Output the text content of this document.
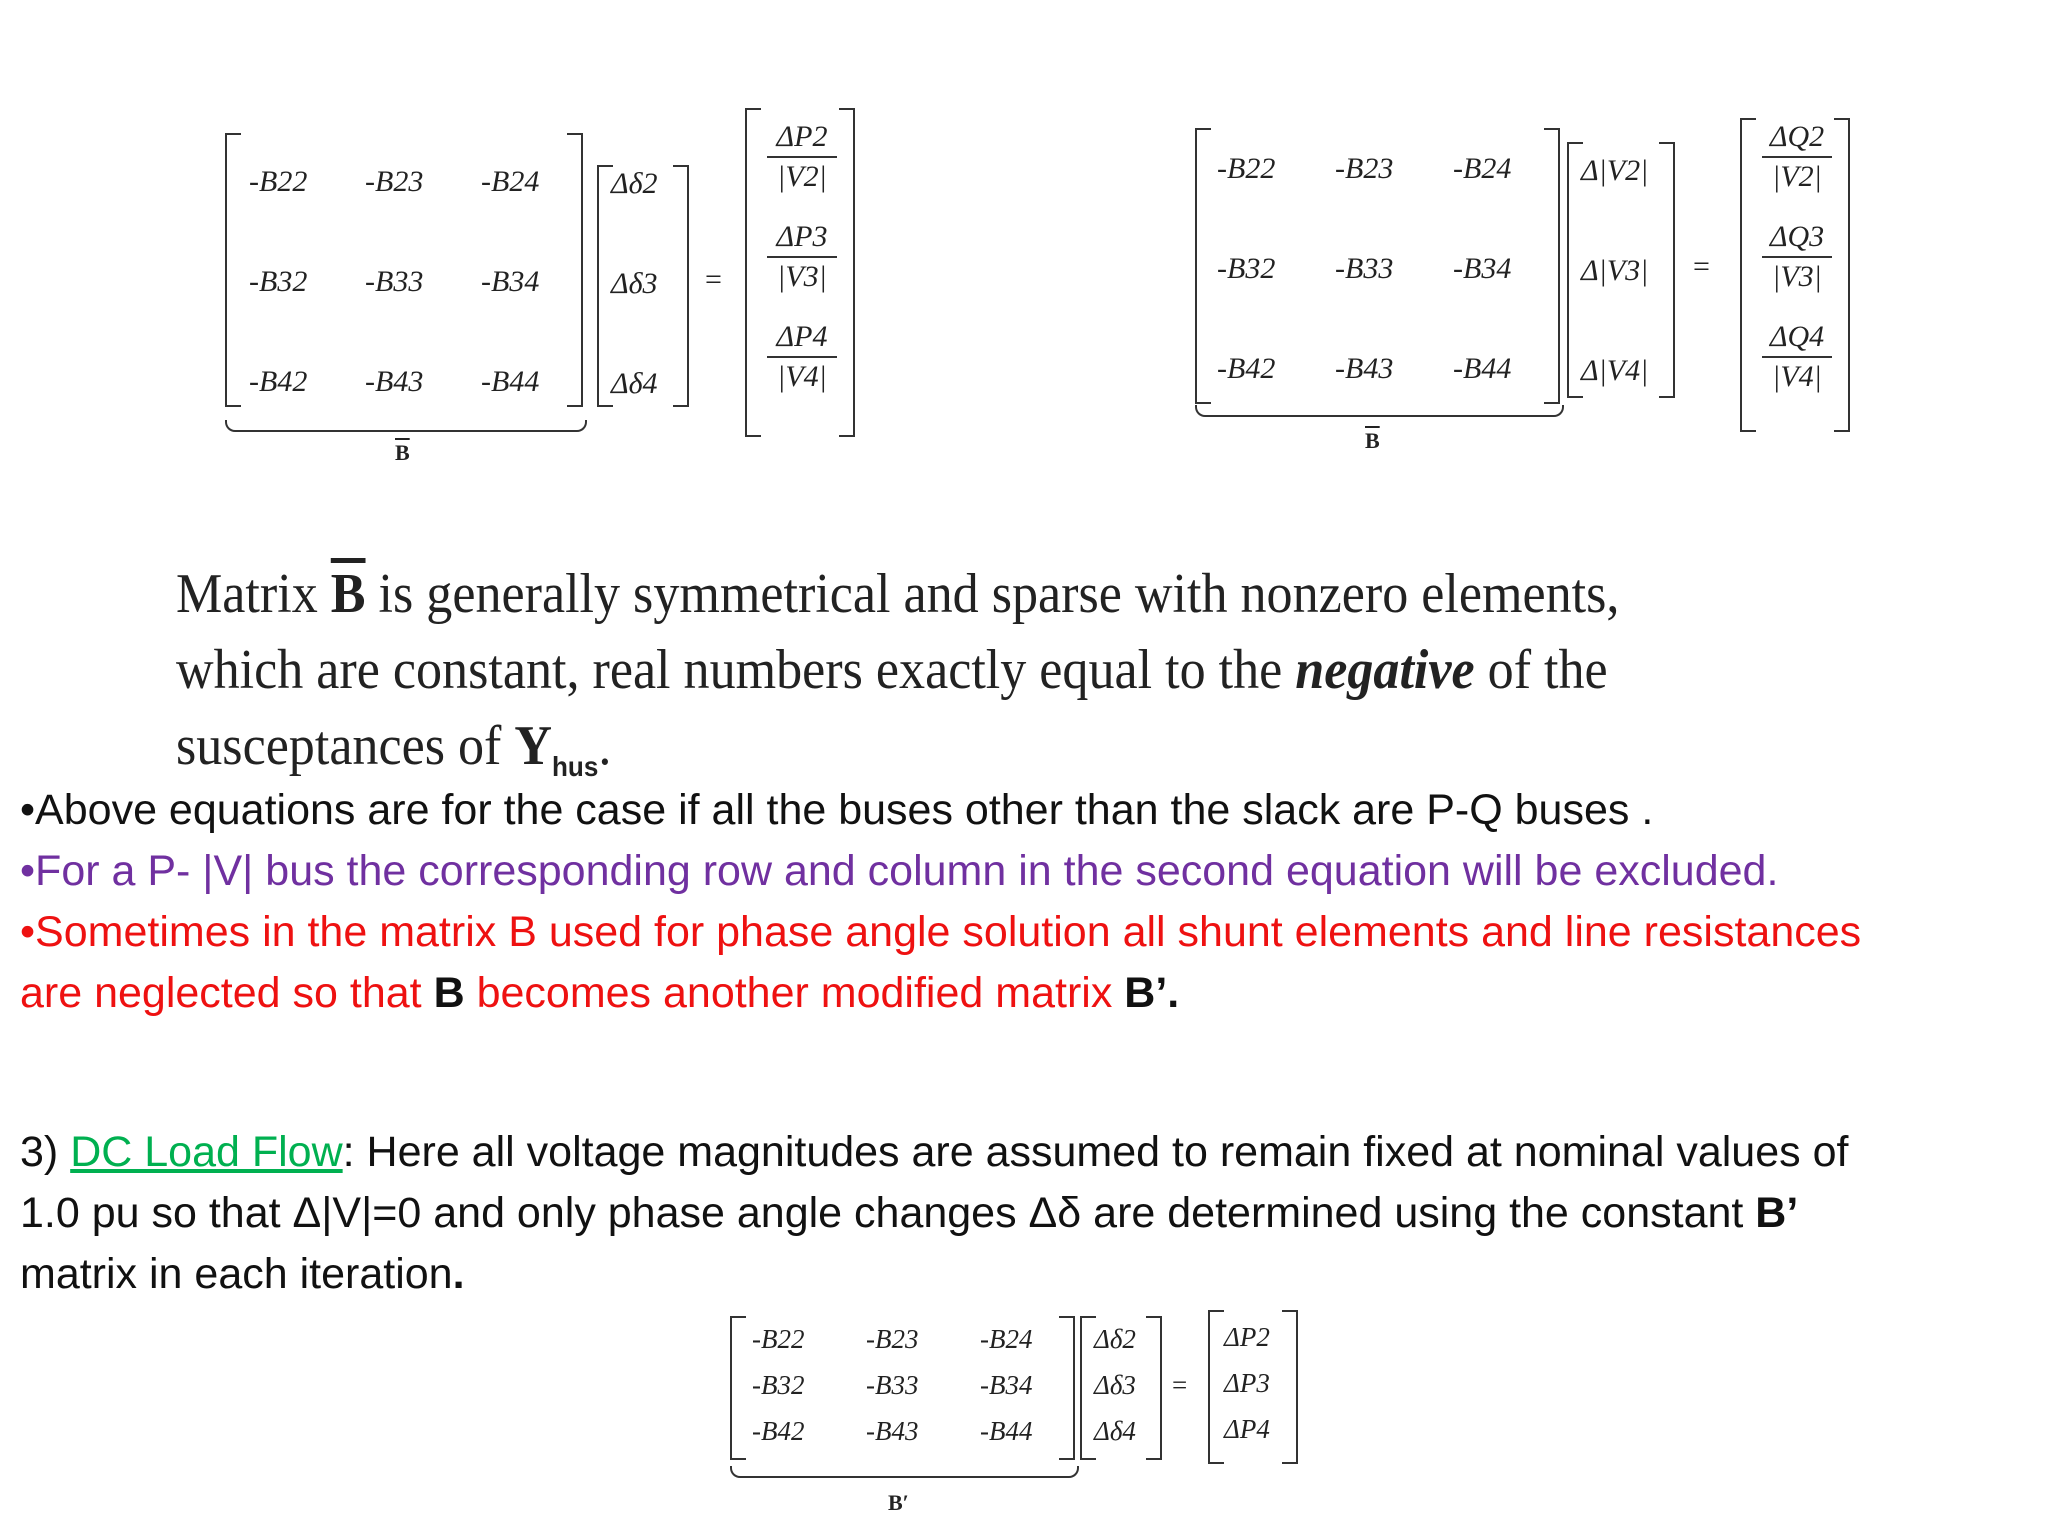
-B22 -B23 -B24
-B32 -B33 -B34
-B42 -B43 -B44
Δδ2
Δδ3
Δδ4
=
ΔP2
|V2|
ΔP3
|V3|
ΔP4
|V4|
$\overline{B}$
-B22 -B23 -B24
-B32 -B33 -B34
-B42 -B43 -B44
Δ|V2|
Δ|V3|
Δ|V4|
=
ΔQ2
|V2|
ΔQ3
|V3|
ΔQ4
|V4|
$\overline{B}$
Matrix $\overline{B}$ is generally symmetrical and sparse with nonzero elements, which are constant, real numbers exactly equal to the negative of the susceptances of $Y_{hus}$.
•Above equations are for the case if all the buses other than the slack are P-Q buses .
•For a P- |V| bus the corresponding row and column in the second equation will be excluded.
•Sometimes in the matrix B used for phase angle solution all shunt elements and line resistances
are neglected so that B becomes another modified matrix B’.
3) DC Load Flow: Here all voltage magnitudes are assumed to remain fixed at nominal values of
1.0 pu so that Δ|V|=0 and only phase angle changes Δδ are determined using the constant B’
matrix in each iteration.
-B22 -B23 -B24
-B32 -B33 -B34
-B42 -B43 -B44
Δδ2
Δδ3
Δδ4
=
ΔP2
ΔP3
ΔP4
B′
